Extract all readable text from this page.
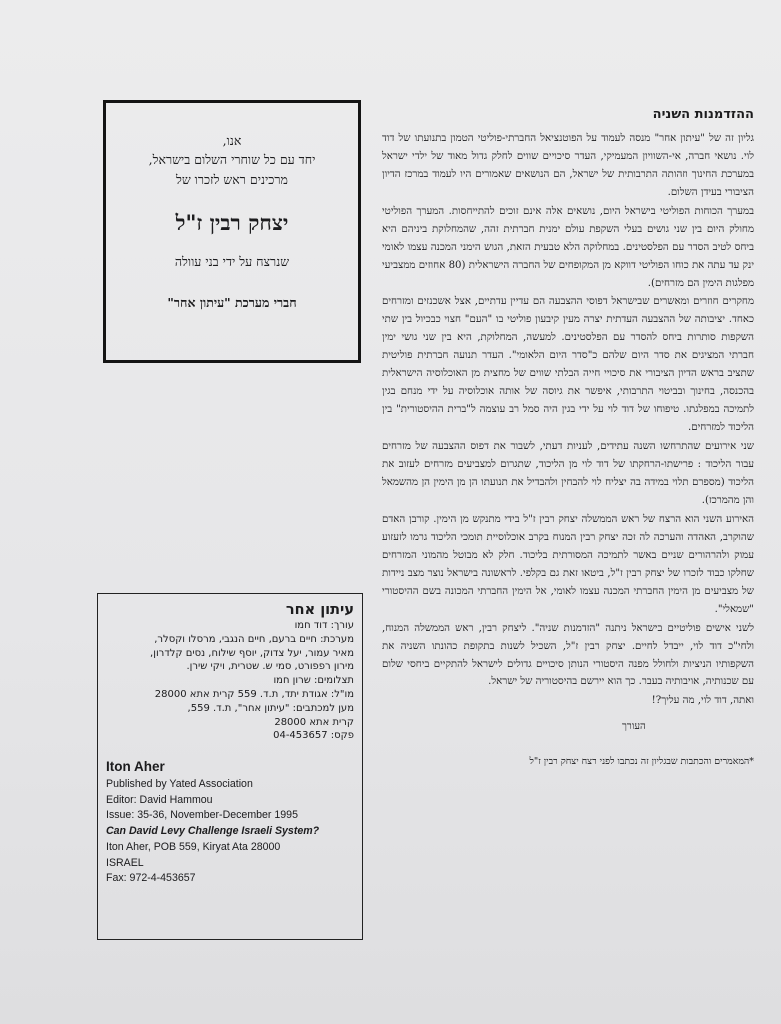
אנו,
יחד עם כל שוחרי השלום בישראל,
מרכינים ראש לזכרו של
יצחק רבין ז"ל
שנרצח על ידי בני עוולה
חברי מערכת "עיתון אחר"
ההזדמנות השניה

גליון זה של "עיתון אחר" מנסה לעמוד על הפוטנציאל החברתי-פוליטי הטמון בתנועתו של דוד לוי. נושאי חברה, אי-השוויון המעמיקי, העדר סיכויים שווים לחלק גדול מאוד של ילדי ישראל במערכת החינוך וזהותה התרבותית של ישראל, הם הנושאים שאמורים היו לעמוד במרכז הדיון הציבורי בעידן השלום.

במערך הכוחות הפוליטי בישראל היום, נושאים אלה אינם זוכים להתייחסות. המערך הפוליטי מחולק היום בין שני גושים בעלי השקפת עולם ימנית חברתית זהה, שהמחלוקת ביניהם היא ביחס לטיב הסדר עם הפלסטינים. במחלוקה הלא טבעית הזאת, הגוש הימני המכנה עצמו לאומי ינק עד עתה את כוחו הפוליטי דווקא מן המקופחים של החברה הישראלית (80 אחוזים ממצביעי מפלגות הימין הם מזרחים).

מחקרים חוזרים ומאשרים שבישראל דפוסי ההצבעה הם עדיין עדתיים, אצל אשכנזים ומזרחים כאחד. יציבותה של ההצבעה העדתית יצרה מעין קיבעון פוליטי בו "העם" חצוי כבכיול בין שתי השקפות סותרות ביחס להסדר עם הפלסטינים. למעשה, המחלוקת, היא בין שני גושי ימין חברתי המציגים את סדר היום שלהם כ"סדר היום הלאומי". העדר תנועה חברתית פוליטית שתציב בראש הדיון הציבורי את סיכויי חייה הבלתי שווים של מחצית מן האוכלוסיה הישראלית בהכנסה, בחינוך ובביטוי התרבותי, איפשר את גיוסה של אותה אוכלוסיה על ידי מנחם בגין לתמיכה במפלגתו. טיפוחו של דוד לוי על ידי בגין היה סמל רב עוצמה ל"ברית ההיסטורית" בין הליכוד למזרחים.

שני אירועים שהתרחשו השנה עתידים, לעניות דעתי, לשבור את דפוס ההצבעה של מזרחים עבור הליכוד : פרישתו-הרחקתו של דוד לוי מן הליכוד, שתגרום למצביעים מזרחים לעזוב את הליכוד (מספרם תלוי במידה בה יצליח לוי להבחין ולהבדיל את תנועתו הן מן הימין הן מהשמאל והן מהמרכז).

האירוע השני הוא הרצח של ראש הממשלה יצחק רבין ז"ל בידי מתנקש מן הימין. קורבן האדם שהוקרב, האהדה והערכה לה זכה יצחק רבין המנוח בקרב אוכלוסיית תומכי הליכוד גרמו לזעזוע עמוק ולהרהורים שניים באשר לתמיכה המסורתית בליכוד. חלק לא מבוטל מהמוני המזרחים שחלקו כבוד לזכרו של יצחק רבין ז"ל, ביטאו זאת גם בקלפי. לראשונה בישראל נוצר מצב ניידות של מצביעים מן הימין החברתי המכנה עצמו לאומי, אל הימין החברתי המכונה בשם ההיסטורי "שמאלי".

לשני אישים פוליטיים בישראל ניתנה "הזדמנות שניה". ליצחק רבין, ראש הממשלה המנוח, ולחי"כ דוד לוי, ייבדל לחיים. יצחק רבין ז"ל, השכיל לשנות בתקופת כהונתו השניה את השקפותיו הניציות ולחולל מפנה היסטורי הנותן סיכויים גדולים לישראל להתקיים ביחסי שלום עם שכנותיה, אויבותיה בעבר. כך הוא יירשם בהיסטוריה של ישראל.

ואתה, דוד לוי, מה עליך?!

העורך
*המאמרים והכתבות שבגליון זה נכתבו לפני רצח יצחק רבין ז"ל
עיתון אחר
עורך: דוד חמו
מערכת: חיים ברעם, חיים הנגבי, מרסלו וקסלר,
מאיר עמור, יעל צדוק, יוסף שילוח, נסים קלדרון,
מירון רפפורט, סמי ש. שטרית, ויקי שירן.
תצלומים: שרון חמו
מו"ל: אגודת יתד, ת.ד. 559 קרית אתא 28000
מען למכתבים: "עיתון אחר", ת.ד. 559,
קרית אתא 28000
פקס: 04-453657
Iton Aher
Published by Yated Association
Editor: David Hammou
Issue: 35-36, November-December 1995
Can David Levy Challenge Israeli System?
Iton Aher, POB 559, Kiryat Ata 28000
ISRAEL
Fax: 972-4-453657
